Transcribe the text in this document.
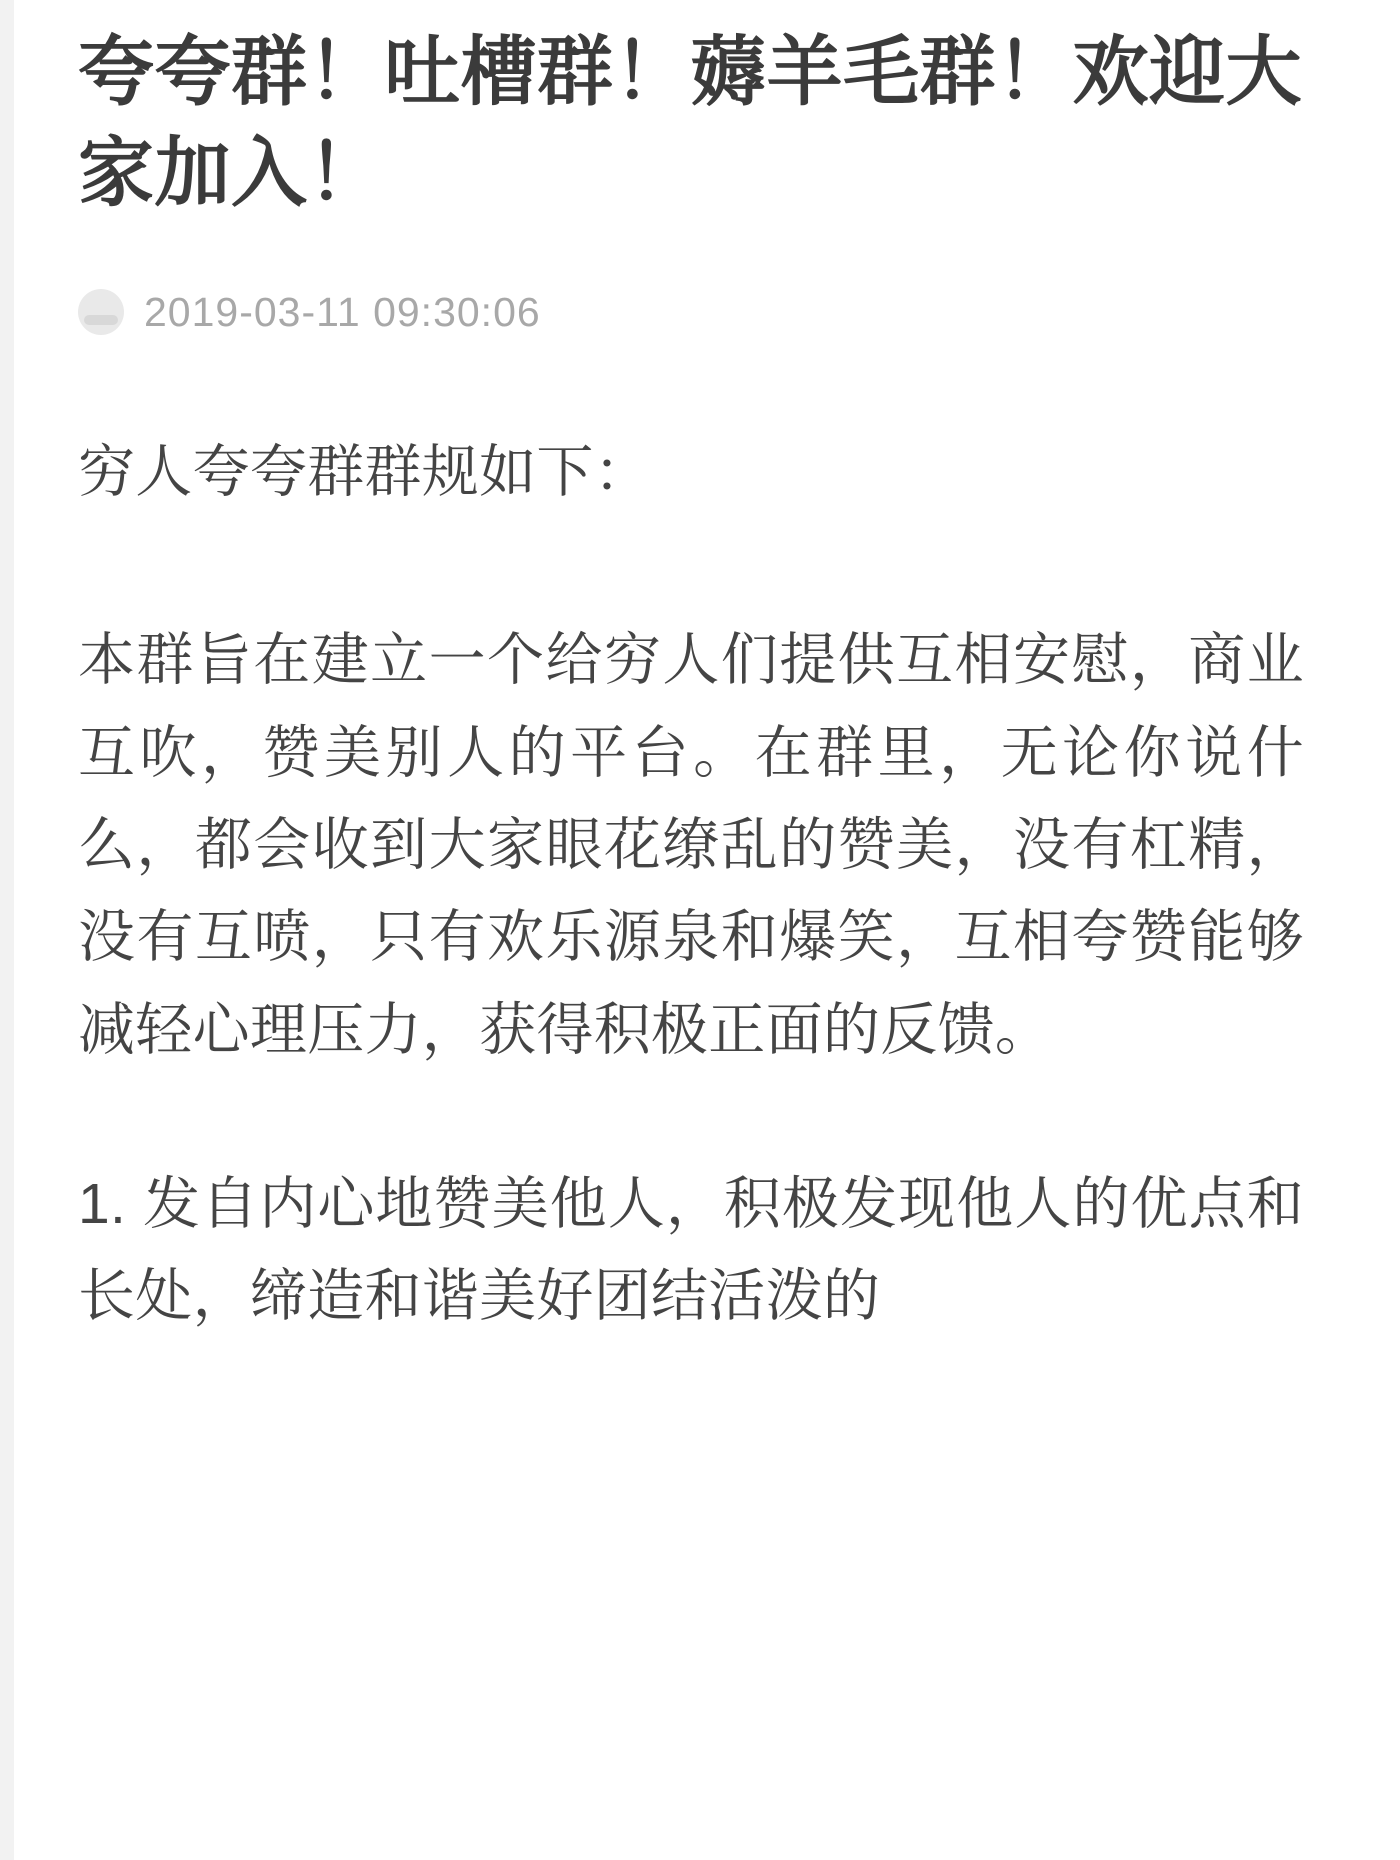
夸夸群！吐槽群！薅羊毛群！欢迎大家加入！
2019-03-11 09:30:06

穷人夸夸群群规如下：

本群旨在建立一个给穷人们提供互相安慰，商业互吹，赞美别人的平台。在群里，无论你说什么，都会收到大家眼花缭乱的赞美，没有杠精，没有互喷，只有欢乐源泉和爆笑，互相夸赞能够减轻心理压力，获得积极正面的反馈。

1. 发自内心地赞美他人，积极发现他人的优点和长处，缔造和谐美好团结活泼的
